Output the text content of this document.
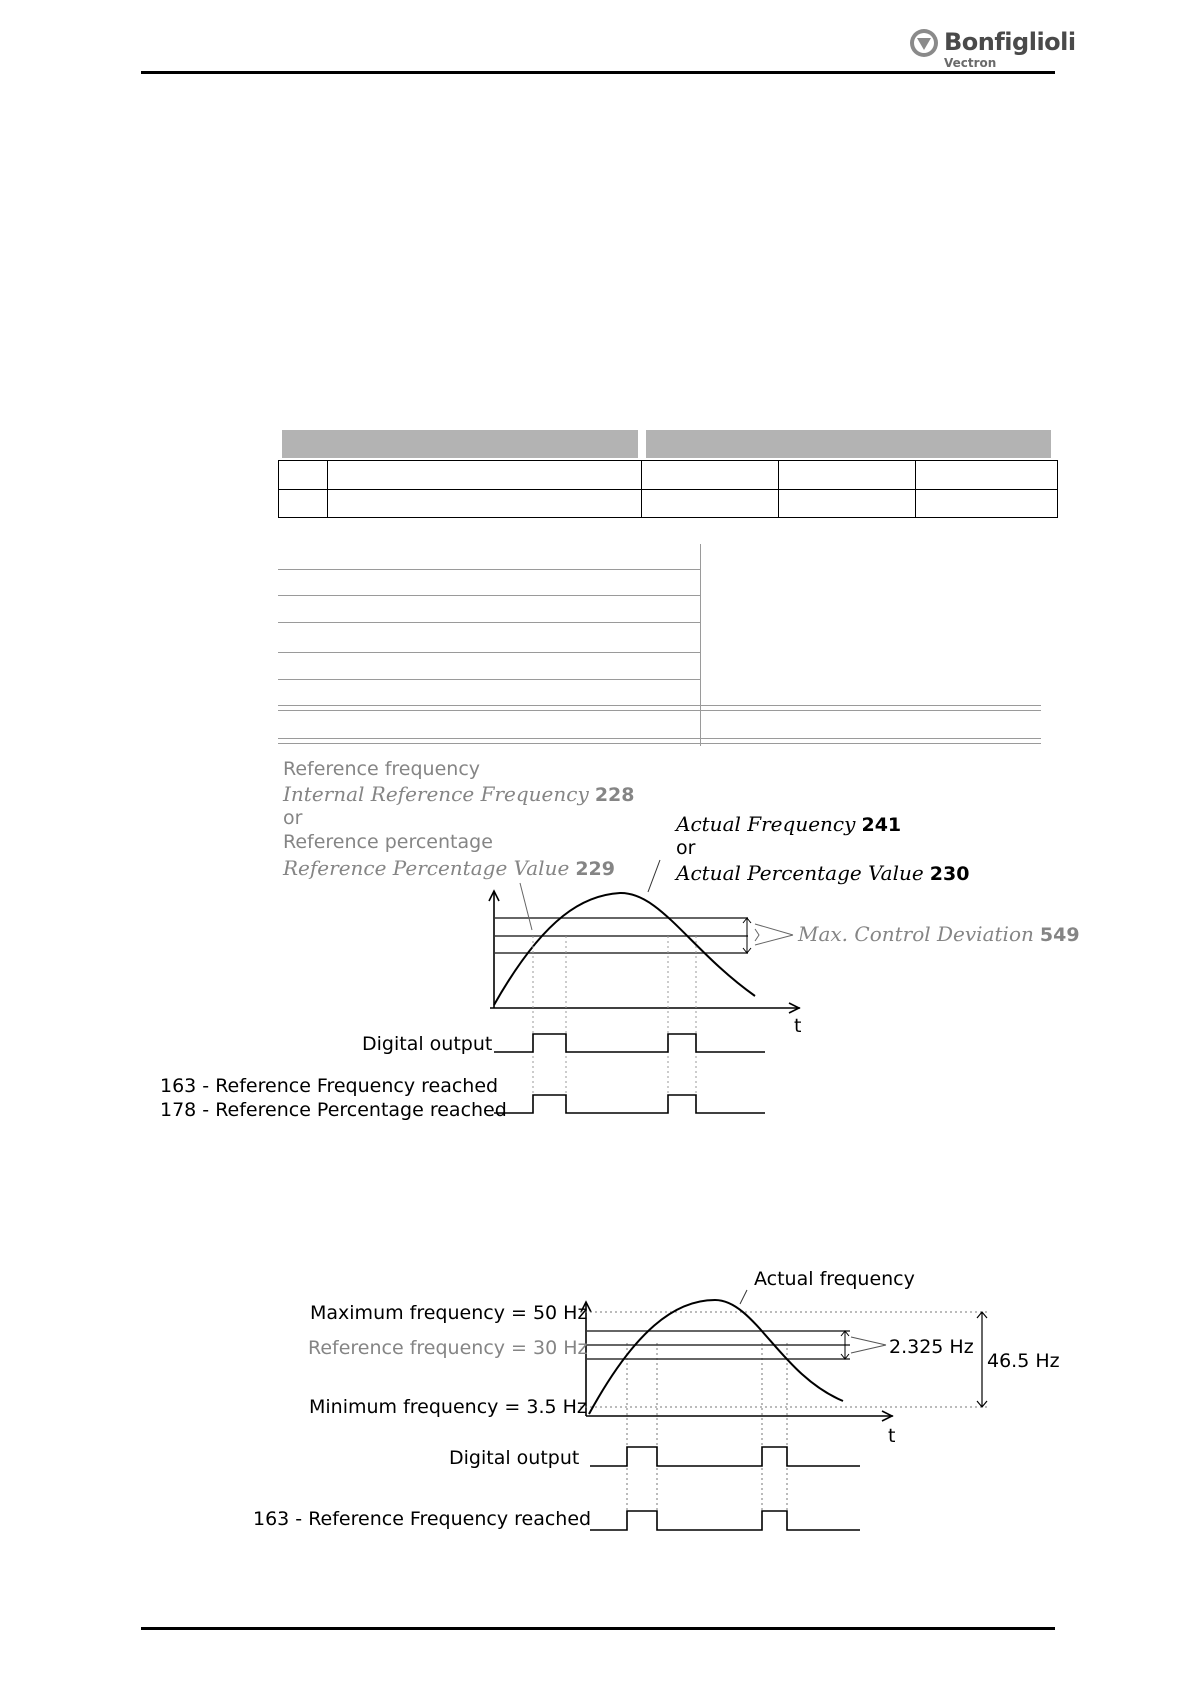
Bonfiglioli
Vectron

Reference frequency
Internal Reference Frequency 228
or
Reference percentage
Reference Percentage Value 229
Actual Frequency 241
or
Actual Percentage Value 230
Max. Control Deviation 549
t
Digital output
163 - Reference Frequency reached
178 - Reference Percentage reached
Actual frequency
Maximum frequency = 50 Hz
Reference frequency = 30 Hz
Minimum frequency = 3.5 Hz
2.325 Hz
46.5 Hz
t
Digital output
163 - Reference Frequency reached
